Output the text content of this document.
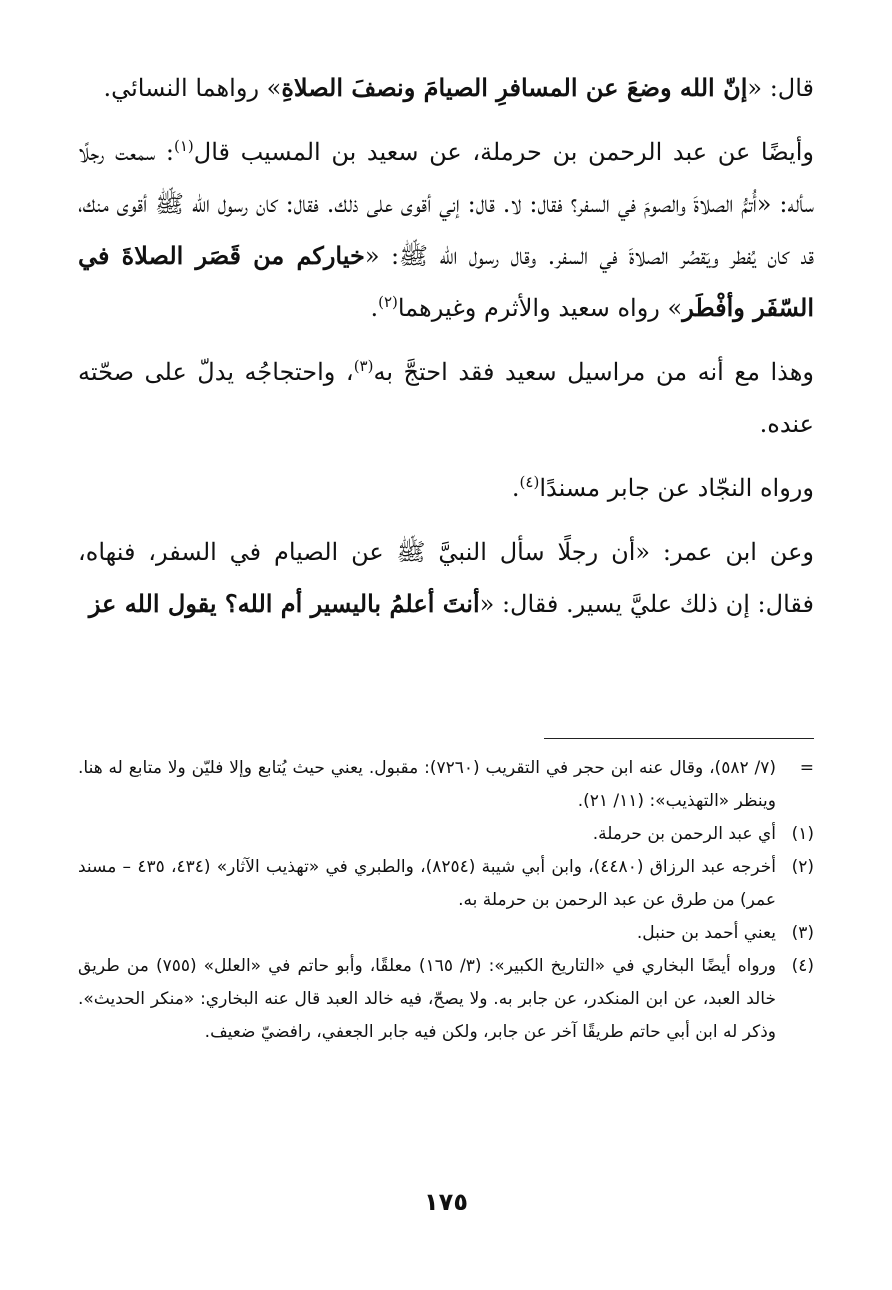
قال: «إنّ الله وضعَ عن المسافرِ الصيامَ ونصفَ الصلاةِ» رواهما النسائي.

وأيضًا عن عبد الرحمن بن حرملة، عن سعيد بن المسيب قال$^{(١)}$: سمعت رجلًا سأله: «أُتمُّ الصلاةَ والصومَ في السفر؟ فقال: لا. قال: إني أقوى على ذلك. فقال: كان رسول الله ﷺ أقوى منك، قد كان يُفطر ويَقصُر الصلاةَ في السفر. وقال رسول الله ﷺ: «خياركم من قَصَر الصلاةَ في السّفَر وأفْطَر» رواه سعيد والأثرم وغيرهما$^{(٢)}$.

وهذا مع أنه من مراسيل سعيد فقد احتجَّ به$^{(٣)}$، واحتجاجُه يدلّ على صحّته عنده.

ورواه النجّاد عن جابر مسندًا$^{(٤)}$.

وعن ابن عمر: «أن رجلًا سأل النبيَّ ﷺ عن الصيام في السفر، فنهاه، فقال: إن ذلك عليَّ يسير. فقال: «أنتَ أعلمُ باليسير أم الله؟ يقول الله عز

=
(٧/ ٥٨٢)، وقال عنه ابن حجر في التقريب (٧٢٦٠): مقبول. يعني حيث يُتابع وإلا فليّن ولا متابع له هنا. وينظر «التهذيب»: (١١/ ٢١).
(١)
أي عبد الرحمن بن حرملة.
(٢)
أخرجه عبد الرزاق (٤٤٨٠)، وابن أبي شيبة (٨٢٥٤)، والطبري في «تهذيب الآثار» (٤٣٤، ٤٣٥ – مسند عمر) من طرق عن عبد الرحمن بن حرملة به.
(٣)
يعني أحمد بن حنبل.
(٤)
ورواه أيضًا البخاري في «التاريخ الكبير»: (٣/ ١٦٥) معلقًا، وأبو حاتم في «العلل» (٧٥٥) من طريق خالد العبد، عن ابن المنكدر، عن جابر به. ولا يصحّ، فيه خالد العبد قال عنه البخاري: «منكر الحديث». وذكر له ابن أبي حاتم طريقًا آخر عن جابر، ولكن فيه جابر الجعفي، رافضيّ ضعيف.
١٧٥
